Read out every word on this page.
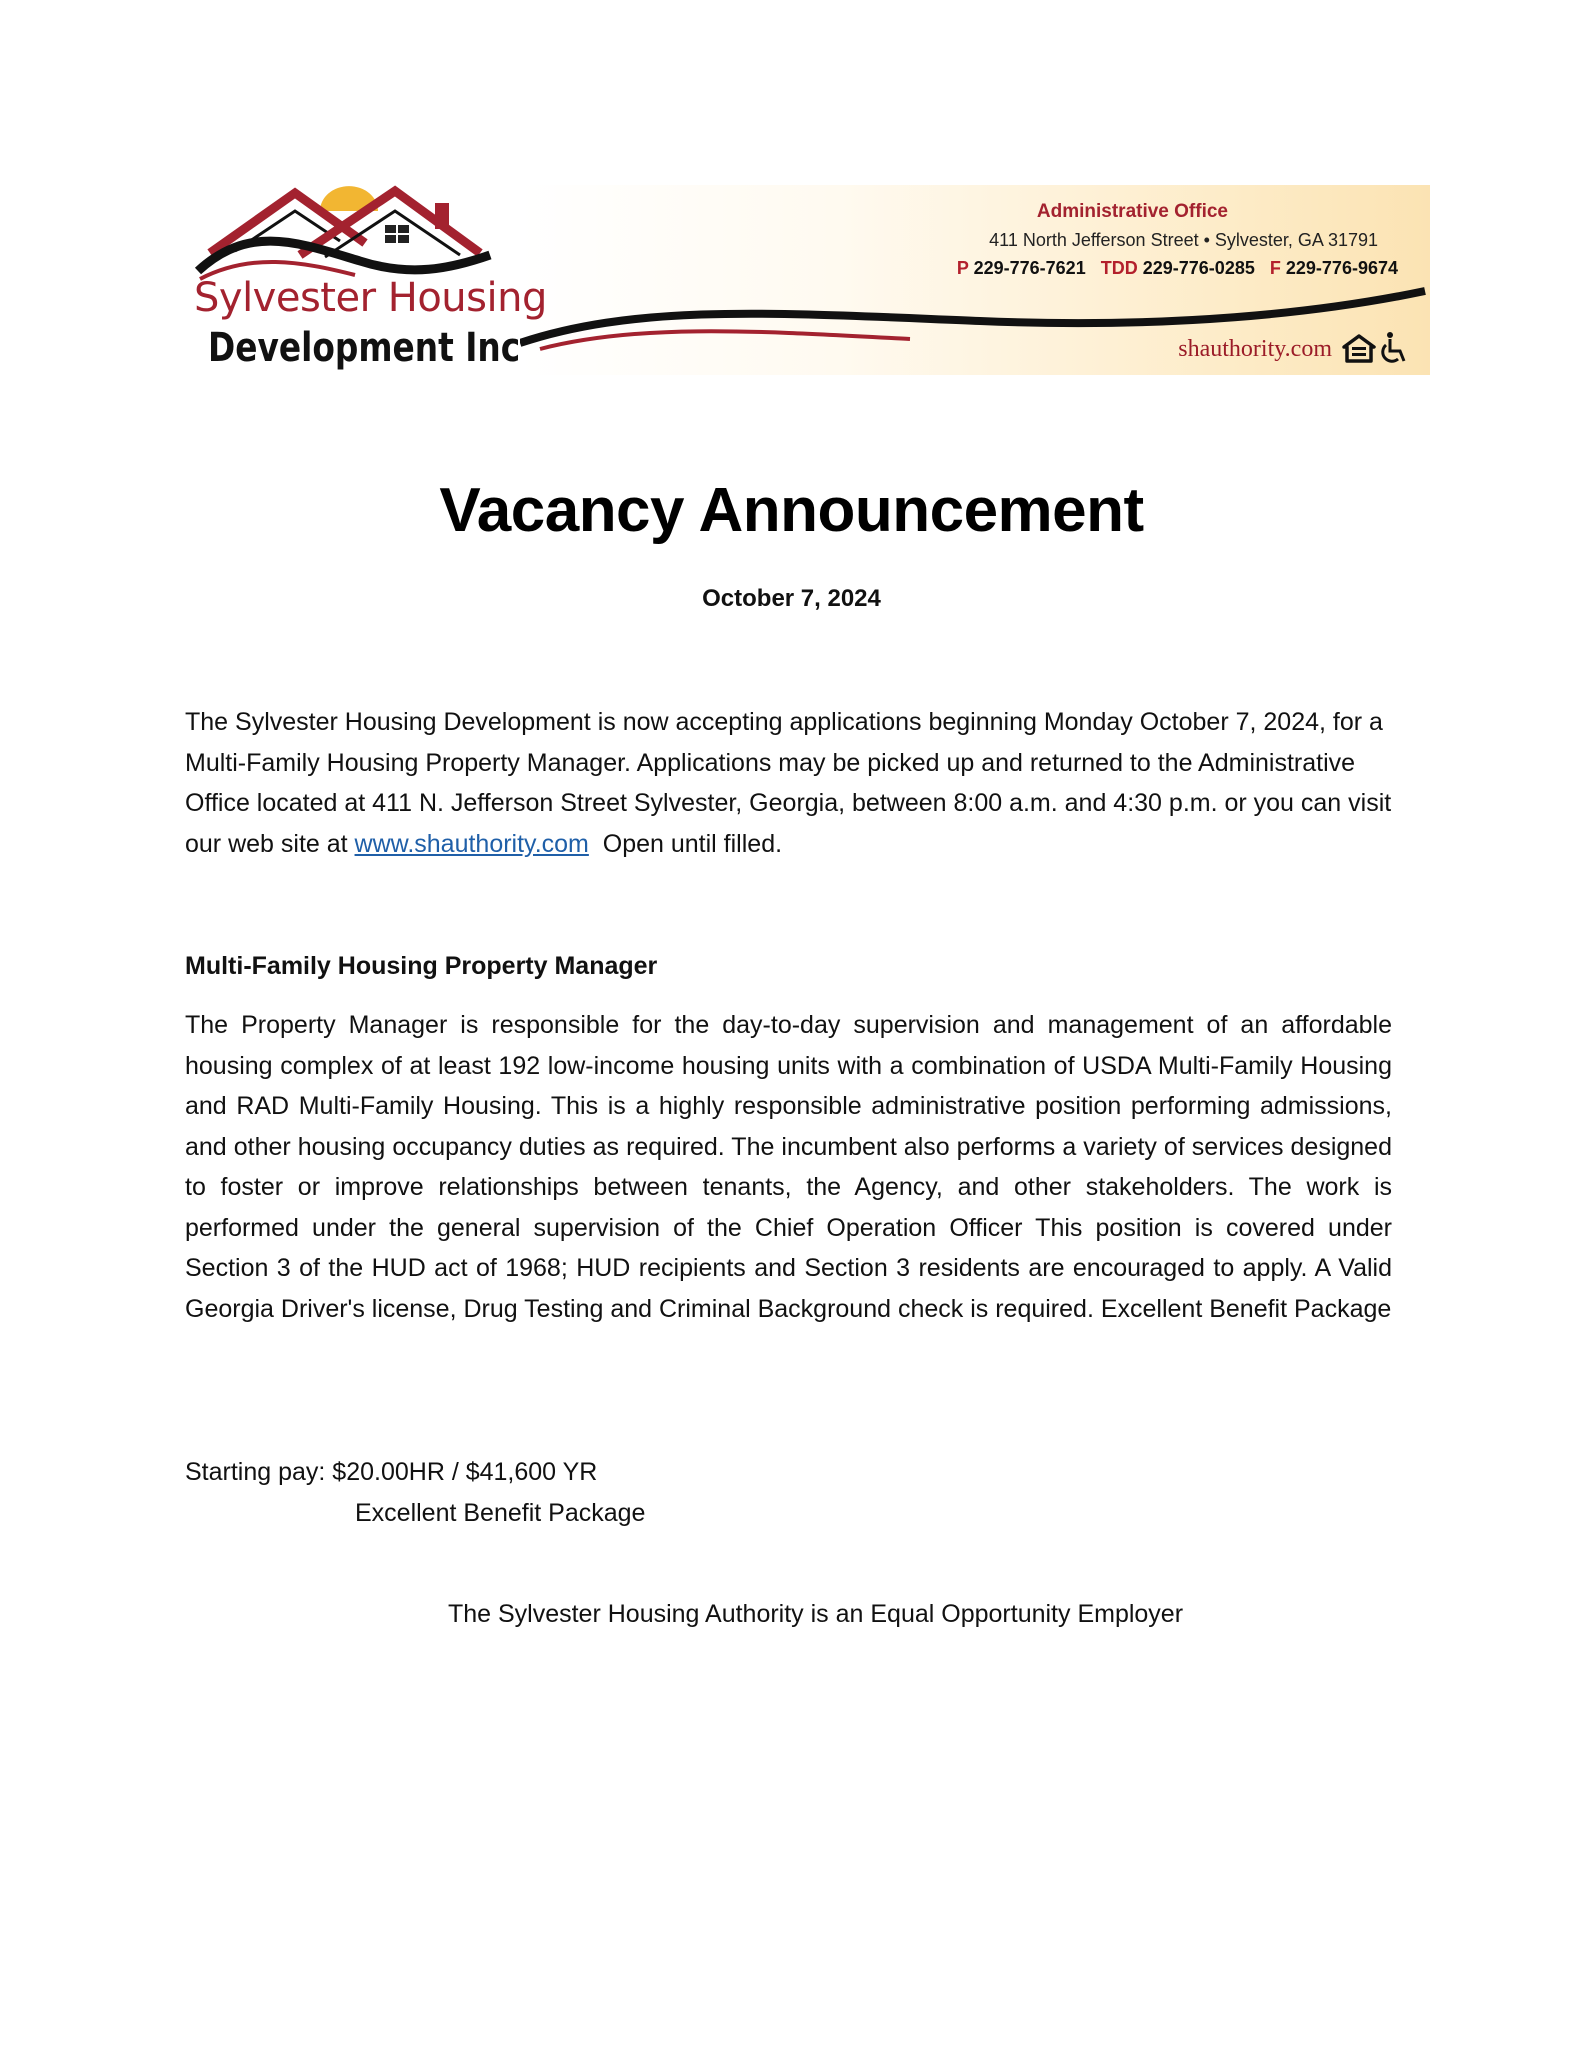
Sylvester Housing
Development Inc
Administrative Office
411 North Jefferson Street • Sylvester, GA 31791
P 229-776-7621 TDD 229-776-0285 F 229-776-9674
shauthority.com
Vacancy Announcement
October 7, 2024
The Sylvester Housing Development is now accepting applications beginning Monday October 7, 2024, for a Multi-Family Housing Property Manager. Applications may be picked up and returned to the Administrative Office located at 411 N. Jefferson Street Sylvester, Georgia, between 8:00 a.m. and 4:30 p.m. or you can visit our web site at www.shauthority.com  Open until filled.
Multi-Family Housing Property Manager
The Property Manager is responsible for the day-to-day supervision and management of an affordable housing complex of at least 192 low-income housing units with a combination of USDA Multi-Family Housing and RAD Multi-Family Housing. This is a highly responsible administrative position performing admissions, and other housing occupancy duties as required. The incumbent also performs a variety of services designed to foster or improve relationships between tenants, the Agency, and other stakeholders. The work is performed under the general supervision of the Chief Operation Officer This position is covered under Section 3 of the HUD act of 1968; HUD recipients and Section 3 residents are encouraged to apply. A Valid Georgia Driver's license, Drug Testing and Criminal Background check is required. Excellent Benefit Package
Starting pay: $20.00HR / $41,600 YR
Excellent Benefit Package
The Sylvester Housing Authority is an Equal Opportunity Employer
